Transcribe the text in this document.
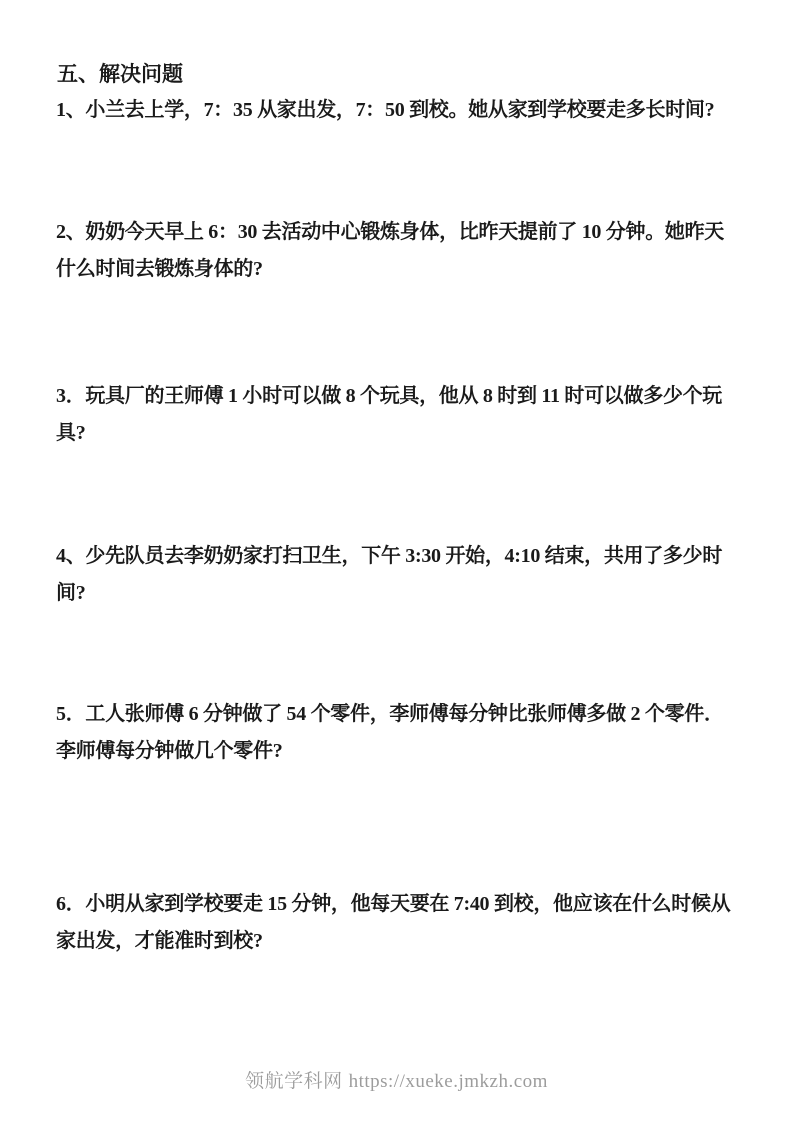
五、解决问题

1、小兰去上学，7：35 从家出发，7：50 到校。她从家到学校要走多长时间?

2、奶奶今天早上 6：30 去活动中心锻炼身体，比昨天提前了 10 分钟。她昨天什么时间去锻炼身体的?

3．玩具厂的王师傅 1 小时可以做 8 个玩具，他从 8 时到 11 时可以做多少个玩具?

4、少先队员去李奶奶家打扫卫生，下午 3:30 开始，4:10 结束，共用了多少时间?

5．工人张师傅 6 分钟做了 54 个零件，李师傅每分钟比张师傅多做 2 个零件．李师傅每分钟做几个零件?

6．小明从家到学校要走 15 分钟，他每天要在 7:40 到校，他应该在什么时候从家出发，才能准时到校?

领航学科网 https://xueke.jmkzh.com
